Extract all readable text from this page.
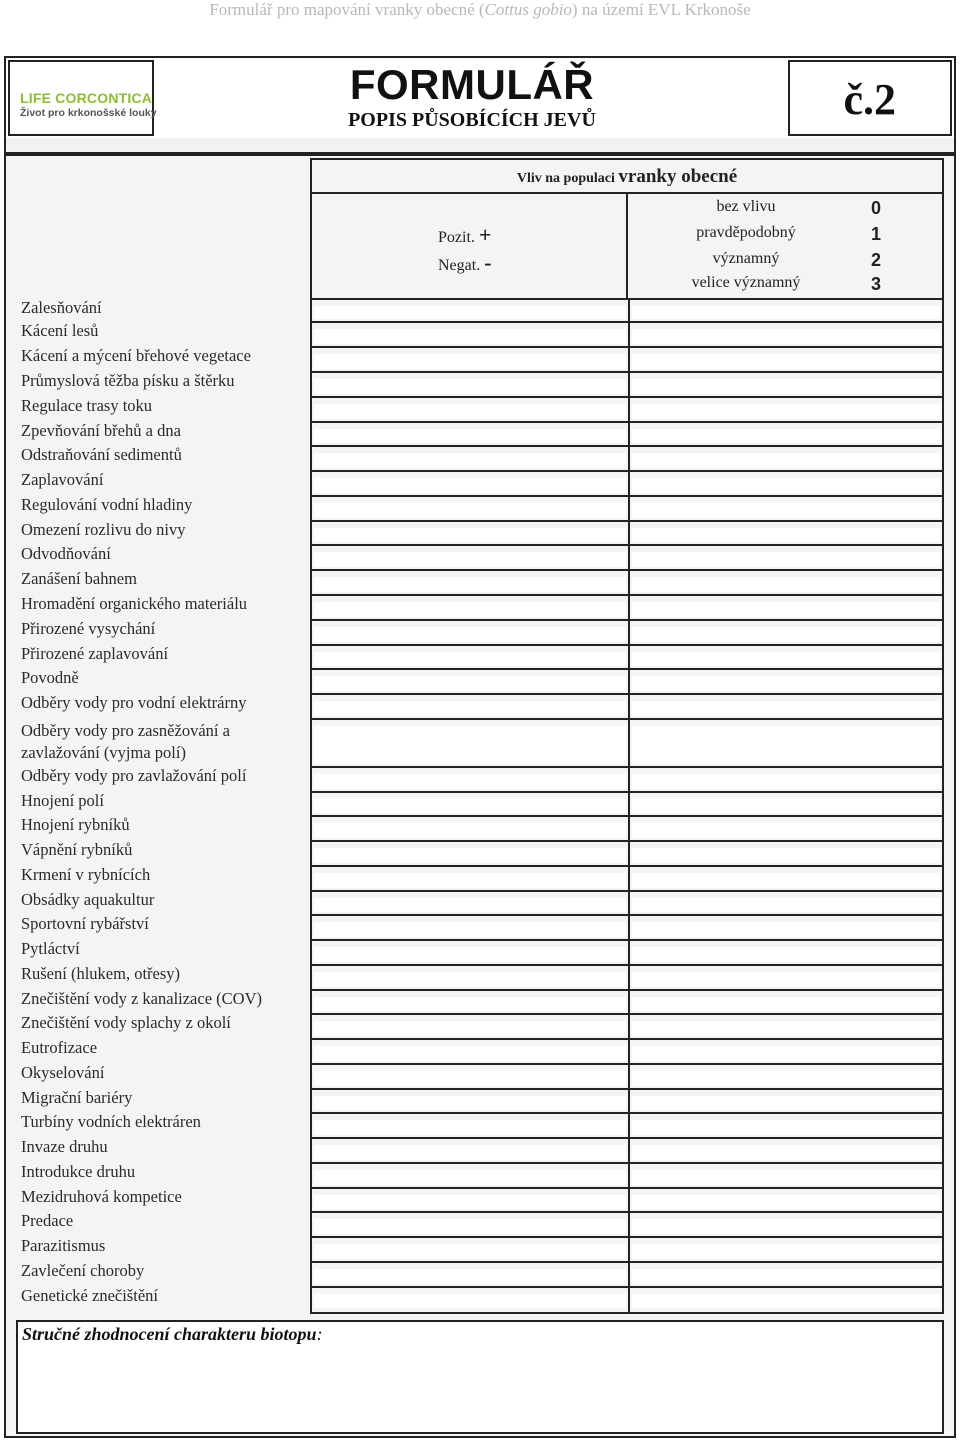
Formulář pro mapování vranky obecné (Cottus gobio) na území EVL Krkonoše
LIFE CORCONTICA
Život pro krkonošské louky
FORMULÁŘ
POPIS PŮSOBÍCÍCH JEVŮ	č.2
Vliv na populaci vranky obecné
Pozit. +
Negat. -
bez vlivu	0
pravděpodobný	1
významný	2
velice významný	3
Zalesňování
Kácení lesů
Kácení a mýcení břehové vegetace
Průmyslová těžba písku a štěrku
Regulace trasy toku
Zpevňování břehů a dna
Odstraňování sedimentů
Zaplavování
Regulování vodní hladiny
Omezení rozlivu do nivy
Odvodňování
Zanášení bahnem
Hromadění organického materiálu
Přirozené vysychání
Přirozené zaplavování
Povodně
Odběry vody pro vodní elektrárny
Odběry vody pro zasněžování a zavlažování (vyjma polí)
Odběry vody pro zavlažování polí
Hnojení polí
Hnojení rybníků
Vápnění rybníků
Krmení v rybnících
Obsádky aquakultur
Sportovní rybářství
Pytláctví
Rušení (hlukem, otřesy)
Znečištění vody z kanalizace (COV)
Znečištění vody splachy z okolí
Eutrofizace
Okyselování
Migrační bariéry
Turbíny vodních elektráren
Invaze druhu
Introdukce druhu
Mezidruhová kompetice
Predace
Parazitismus
Zavlečení choroby
Genetické znečištění
Stručné zhodnocení charakteru biotopu:
